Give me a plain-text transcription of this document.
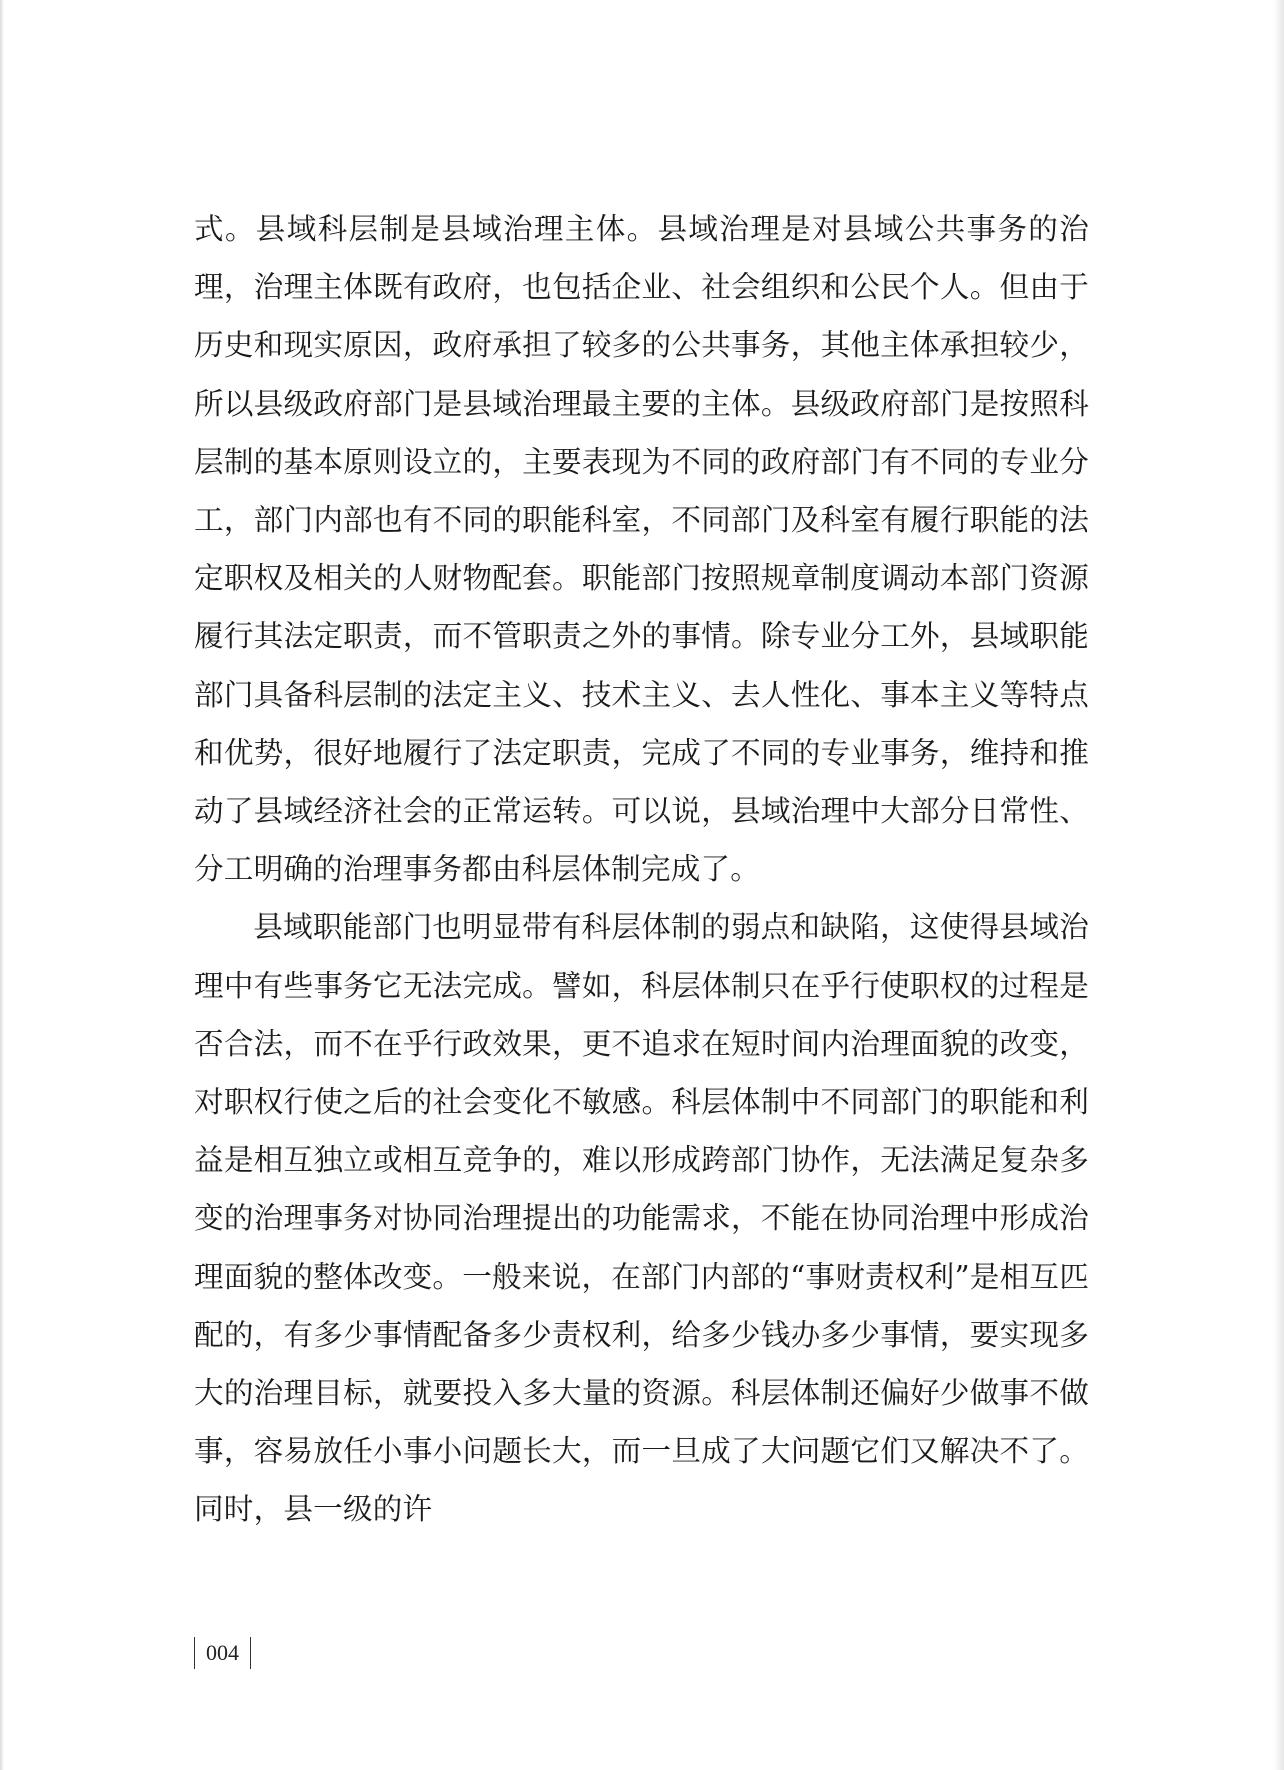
式。县域科层制是县域治理主体。县域治理是对县域公共事务的治理，治理主体既有政府，也包括企业、社会组织和公民个人。但由于历史和现实原因，政府承担了较多的公共事务，其他主体承担较少，所以县级政府部门是县域治理最主要的主体。县级政府部门是按照科层制的基本原则设立的，主要表现为不同的政府部门有不同的专业分工，部门内部也有不同的职能科室，不同部门及科室有履行职能的法定职权及相关的人财物配套。职能部门按照规章制度调动本部门资源履行其法定职责，而不管职责之外的事情。除专业分工外，县域职能部门具备科层制的法定主义、技术主义、去人性化、事本主义等特点和优势，很好地履行了法定职责，完成了不同的专业事务，维持和推动了县域经济社会的正常运转。可以说，县域治理中大部分日常性、分工明确的治理事务都由科层体制完成了。

县域职能部门也明显带有科层体制的弱点和缺陷，这使得县域治理中有些事务它无法完成。譬如，科层体制只在乎行使职权的过程是否合法，而不在乎行政效果，更不追求在短时间内治理面貌的改变，对职权行使之后的社会变化不敏感。科层体制中不同部门的职能和利益是相互独立或相互竞争的，难以形成跨部门协作，无法满足复杂多变的治理事务对协同治理提出的功能需求，不能在协同治理中形成治理面貌的整体改变。一般来说，在部门内部的“事财责权利”是相互匹配的，有多少事情配备多少责权利，给多少钱办多少事情，要实现多大的治理目标，就要投入多大量的资源。科层体制还偏好少做事不做事，容易放任小事小问题长大，而一旦成了大问题它们又解决不了。同时，县一级的许

004
